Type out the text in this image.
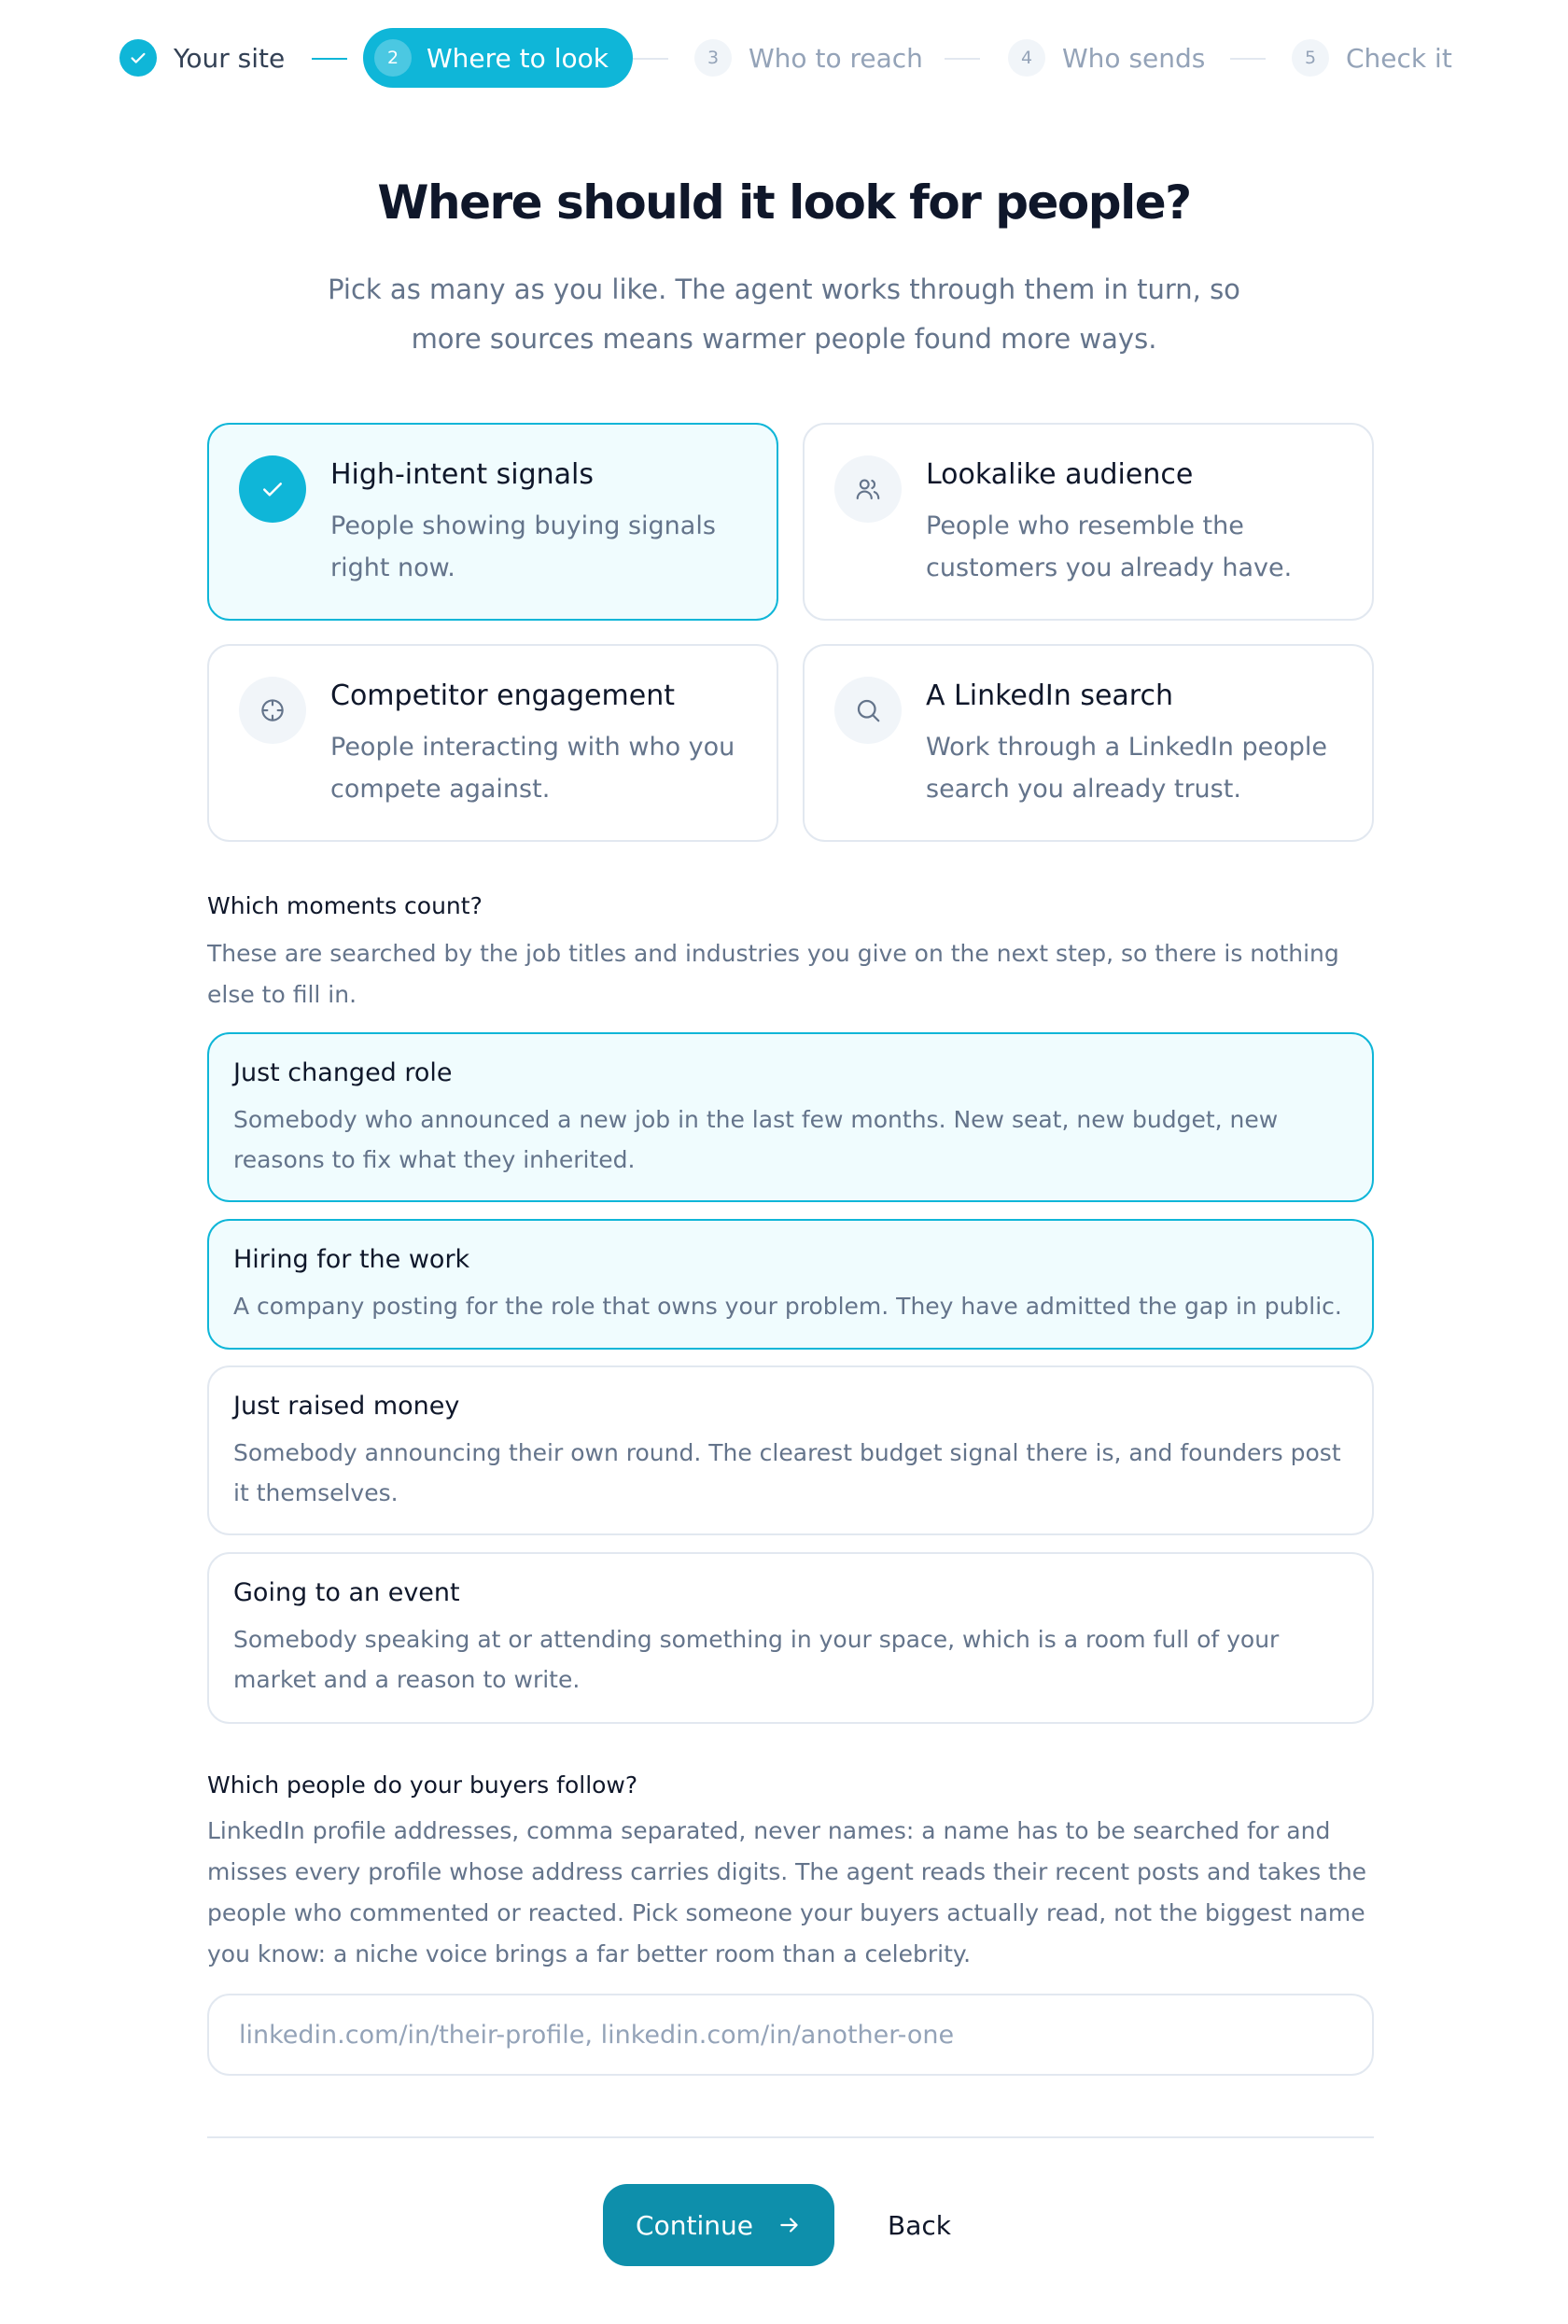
Your site	2	Where to look	3	Who to reach	4	Who sends	5	Check it
Where should it look for people?

Pick as many as you like. The agent works through them in turn, so more sources means warmer people found more ways.

High-intent signals
People showing buying signals right now.
Lookalike audience
People who resemble the customers you already have.
Competitor engagement
People interacting with who you compete against.
A LinkedIn search
Work through a LinkedIn people search you already trust.
Which moments count?
These are searched by the job titles and industries you give on the next step, so there is nothing else to fill in.
Just changed role
Somebody who announced a new job in the last few months. New seat, new budget, new reasons to fix what they inherited.
Hiring for the work
A company posting for the role that owns your problem. They have admitted the gap in public.
Just raised money
Somebody announcing their own round. The clearest budget signal there is, and founders post it themselves.
Going to an event
Somebody speaking at or attending something in your space, which is a room full of your market and a reason to write.
Which people do your buyers follow?
LinkedIn profile addresses, comma separated, never names: a name has to be searched for and misses every profile whose address carries digits. The agent reads their recent posts and takes the people who commented or reacted. Pick someone your buyers actually read, not the biggest name you know: a niche voice brings a far better room than a celebrity.
linkedin.com/in/their-profile, linkedin.com/in/another-one
Continue	Back
